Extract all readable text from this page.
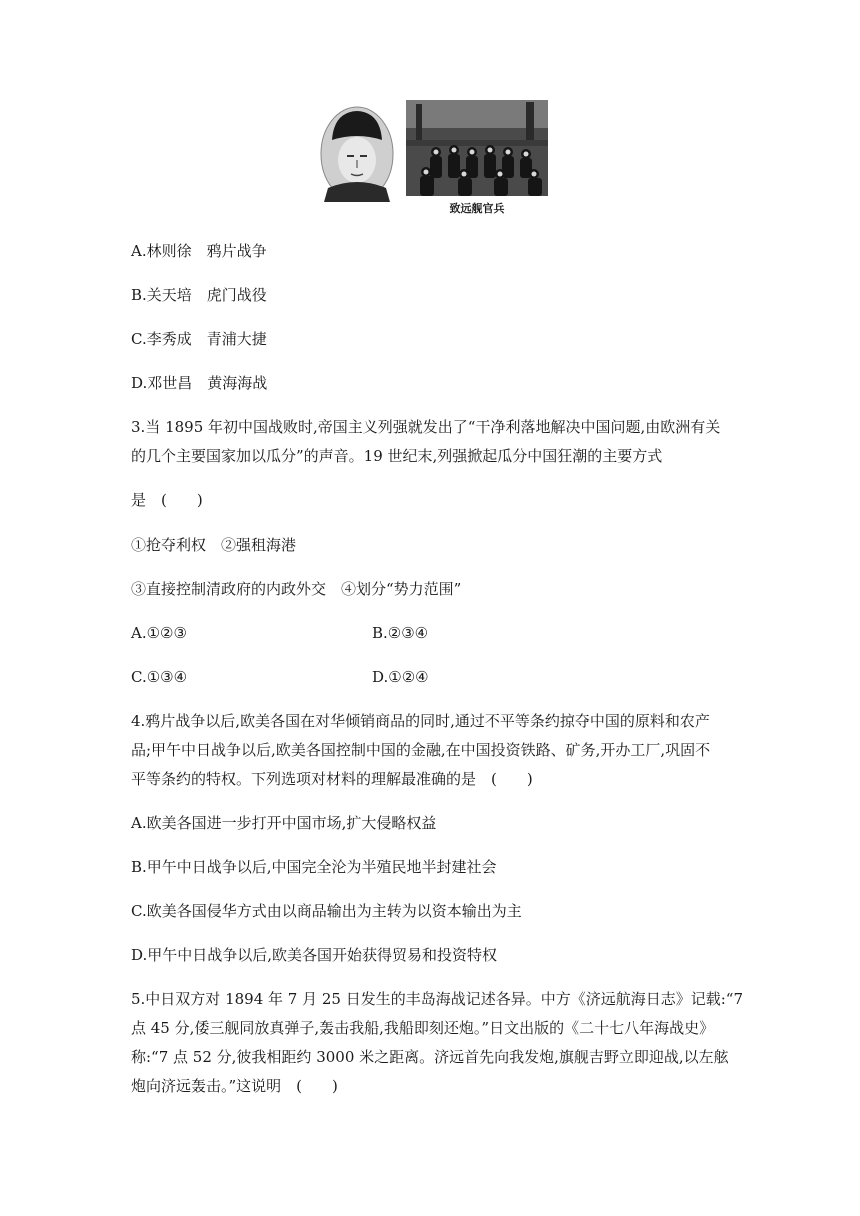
致远舰官兵
A.林则徐　鸦片战争
B.关天培　虎门战役
C.李秀成　青浦大捷
D.邓世昌　黄海海战
3.当 1895 年初中国战败时,帝国主义列强就发出了“干净利落地解决中国问题,由欧洲有关
的几个主要国家加以瓜分”的声音。19 世纪末,列强掀起瓜分中国狂潮的主要方式
是　(　　)
①抢夺利权　②强租海港
③直接控制清政府的内政外交　④划分“势力范围”
A.①②③	B.②③④
C.①③④	D.①②④
4.鸦片战争以后,欧美各国在对华倾销商品的同时,通过不平等条约掠夺中国的原料和农产
品;甲午中日战争以后,欧美各国控制中国的金融,在中国投资铁路、矿务,开办工厂,巩固不
平等条约的特权。下列选项对材料的理解最准确的是　(　　)
A.欧美各国进一步打开中国市场,扩大侵略权益
B.甲午中日战争以后,中国完全沦为半殖民地半封建社会
C.欧美各国侵华方式由以商品输出为主转为以资本输出为主
D.甲午中日战争以后,欧美各国开始获得贸易和投资特权
5.中日双方对 1894 年 7 月 25 日发生的丰岛海战记述各异。中方《济远航海日志》记载:“7
点 45 分,倭三舰同放真弹子,轰击我船,我船即刻还炮。”日文出版的《二十七八年海战史》
称:“7 点 52 分,彼我相距约 3000 米之距离。济远首先向我发炮,旗舰吉野立即迎战,以左舷
炮向济远轰击。”这说明　(　　)
